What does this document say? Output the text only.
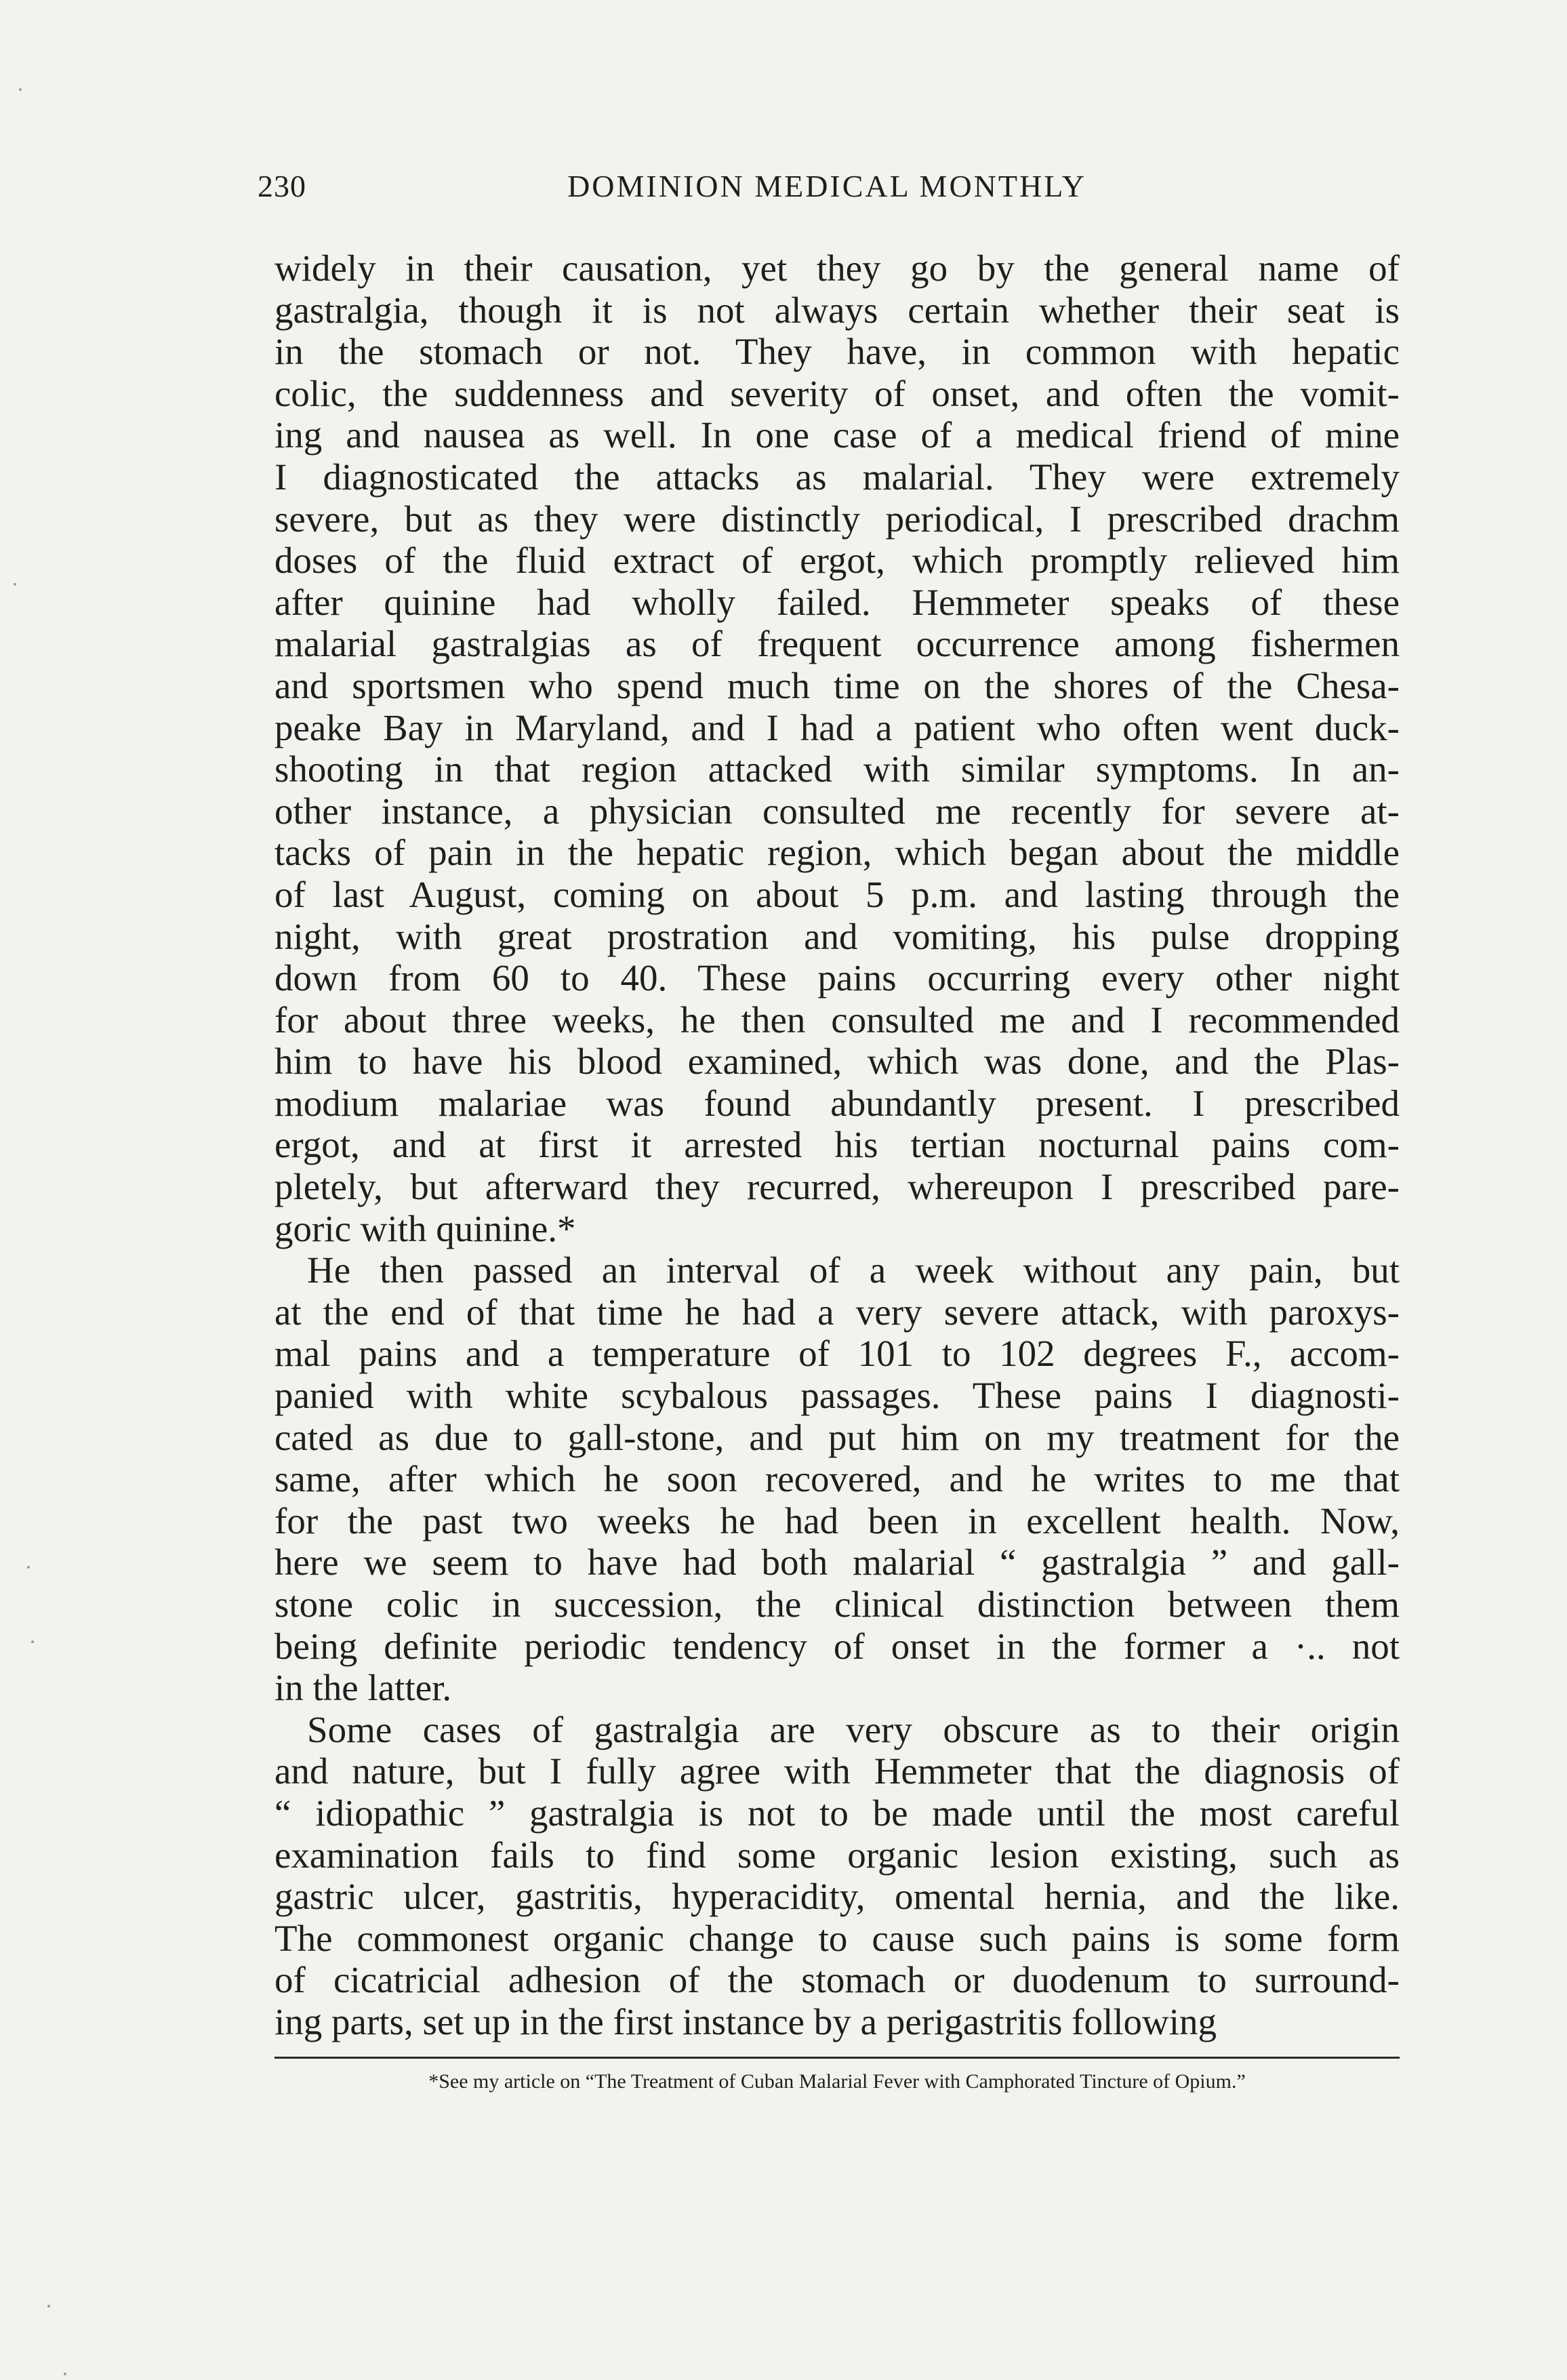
230	DOMINION MEDICAL MONTHLY
widely in their causation, yet they go by the general name of
gastralgia, though it is not always certain whether their seat is
in the stomach or not. They have, in common with hepatic
colic, the suddenness and severity of onset, and often the vomit-
ing and nausea as well. In one case of a medical friend of mine
I diagnosticated the attacks as malarial. They were extremely
severe, but as they were distinctly periodical, I prescribed drachm
doses of the fluid extract of ergot, which promptly relieved him
after quinine had wholly failed. Hemmeter speaks of these
malarial gastralgias as of frequent occurrence among fishermen
and sportsmen who spend much time on the shores of the Chesa-
peake Bay in Maryland, and I had a patient who often went duck-
shooting in that region attacked with similar symptoms. In an-
other instance, a physician consulted me recently for severe at-
tacks of pain in the hepatic region, which began about the middle
of last August, coming on about 5 p.m. and lasting through the
night, with great prostration and vomiting, his pulse dropping
down from 60 to 40. These pains occurring every other night
for about three weeks, he then consulted me and I recommended
him to have his blood examined, which was done, and the Plas-
modium malariae was found abundantly present. I prescribed
ergot, and at first it arrested his tertian nocturnal pains com-
pletely, but afterward they recurred, whereupon I prescribed pare-
goric with quinine.*
He then passed an interval of a week without any pain, but
at the end of that time he had a very severe attack, with paroxys-
mal pains and a temperature of 101 to 102 degrees F., accom-
panied with white scybalous passages. These pains I diagnosti-
cated as due to gall-stone, and put him on my treatment for the
same, after which he soon recovered, and he writes to me that
for the past two weeks he had been in excellent health. Now,
here we seem to have had both malarial “ gastralgia ” and gall-
stone colic in succession, the clinical distinction between them
being definite periodic tendency of onset in the former a ·.. not
in the latter.
Some cases of gastralgia are very obscure as to their origin
and nature, but I fully agree with Hemmeter that the diagnosis of
“ idiopathic ” gastralgia is not to be made until the most careful
examination fails to find some organic lesion existing, such as
gastric ulcer, gastritis, hyperacidity, omental hernia, and the like.
The commonest organic change to cause such pains is some form
of cicatricial adhesion of the stomach or duodenum to surround-
ing parts, set up in the first instance by a perigastritis following
*See my article on “The Treatment of Cuban Malarial Fever with Camphorated Tincture of Opium.”
